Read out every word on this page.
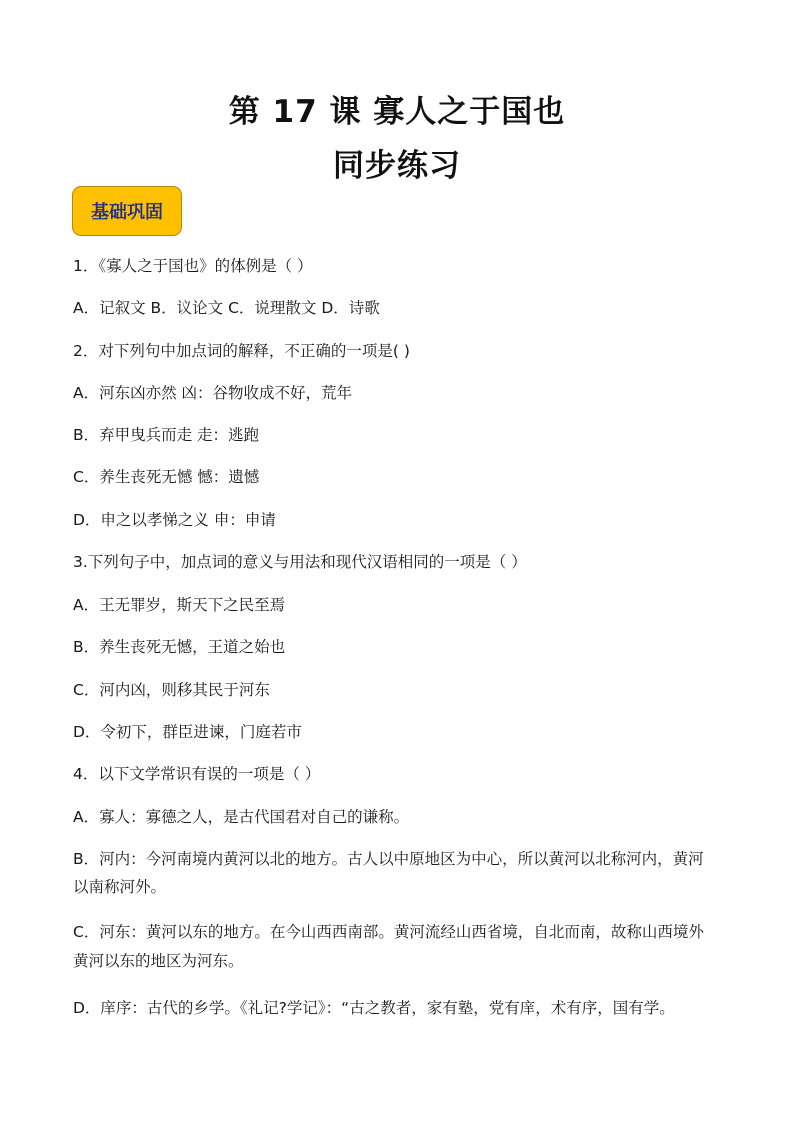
第 17 课 寡人之于国也
同步练习
基础巩固
1．《寡人之于国也》的体例是（ ）
A．记叙文 B．议论文 C．说理散文 D．诗歌
2．对下列句中加点词的解释，不正确的一项是( )
A．河东凶亦然 凶：谷物收成不好，荒年
B．弃甲曳兵而走 走：逃跑
C．养生丧死无憾 憾：遗憾
D．申之以孝悌之义 申：申请
3.下列句子中，加点词的意义与用法和现代汉语相同的一项是（ ）
A．王无罪岁，斯天下之民至焉
B．养生丧死无憾，王道之始也
C．河内凶，则移其民于河东
D．令初下，群臣进谏，门庭若市
4．以下文学常识有误的一项是（ ）
A．寡人：寡德之人，是古代国君对自己的谦称。
B．河内：今河南境内黄河以北的地方。古人以中原地区为中心，所以黄河以北称河内，黄河
以南称河外。
C．河东：黄河以东的地方。在今山西西南部。黄河流经山西省境，自北而南，故称山西境外
黄河以东的地区为河东。
D．庠序：古代的乡学。《礼记?学记》：“古之教者，家有塾，党有庠，术有序，国有学。
